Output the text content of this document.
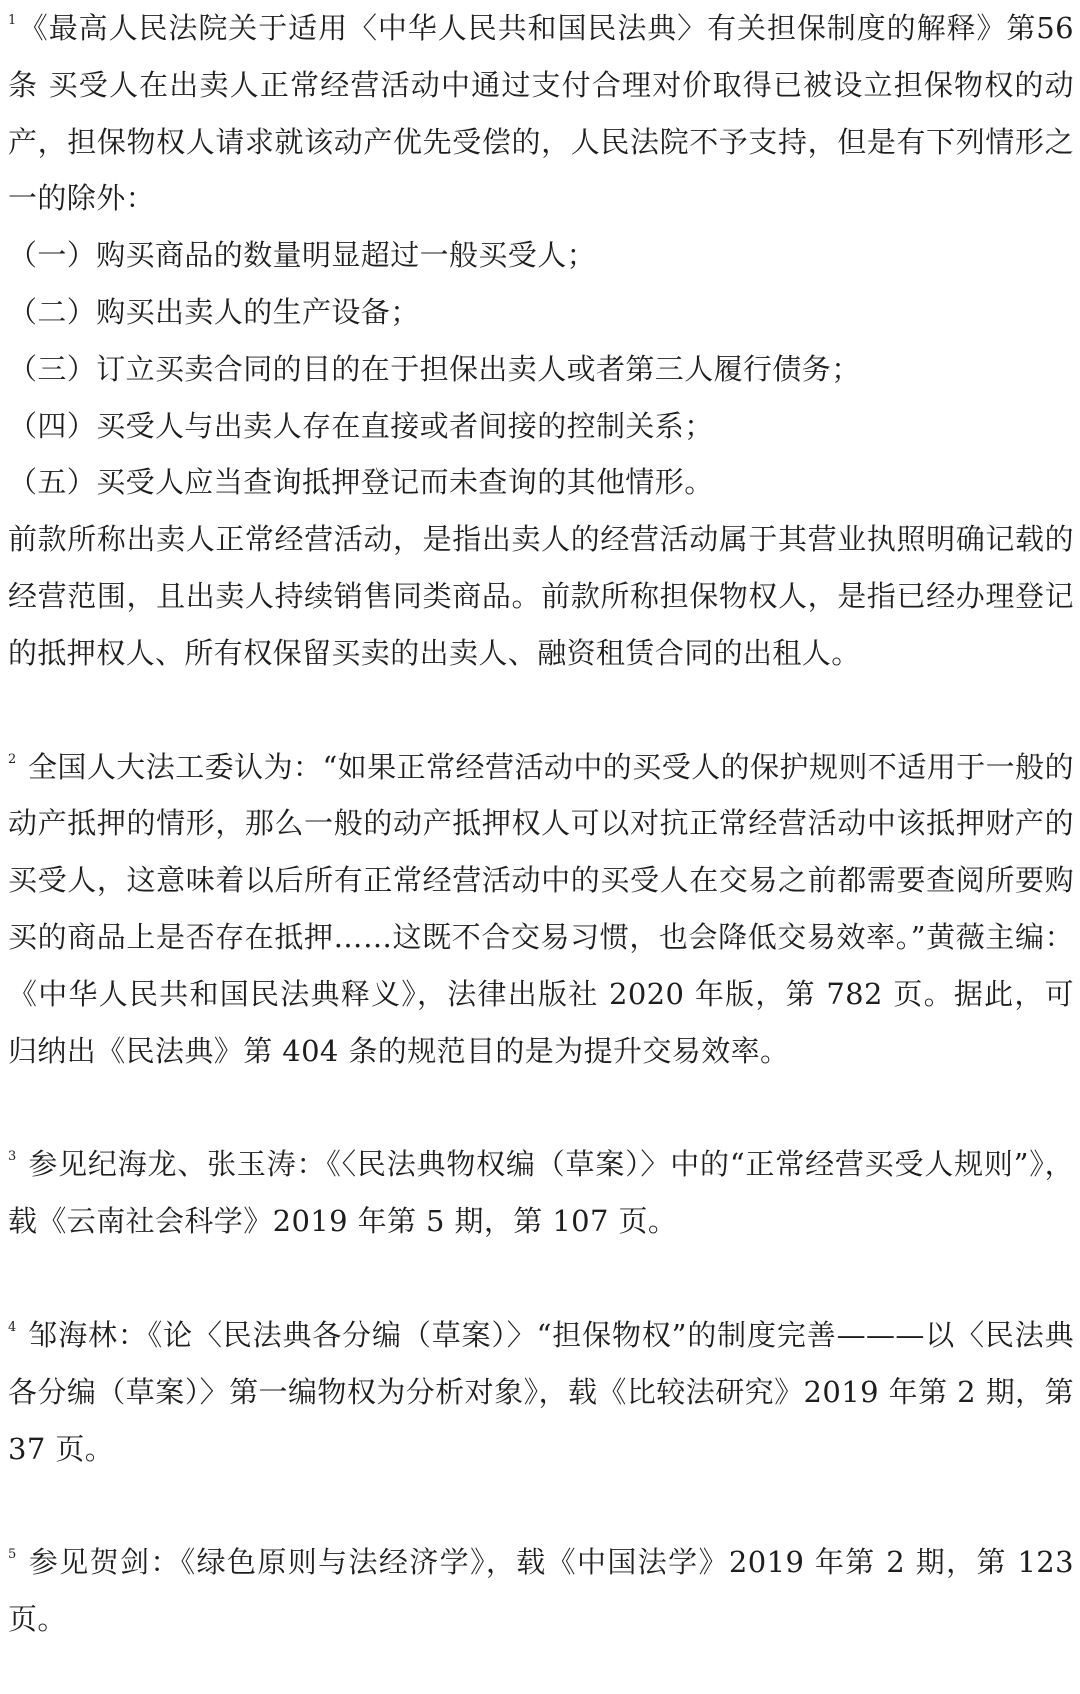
$^1$《最高人民法院关于适用〈中华人民共和国民法典〉有关担保制度的解释》第56条 买受人在出卖人正常经营活动中通过支付合理对价取得已被设立担保物权的动产，担保物权人请求就该动产优先受偿的，人民法院不予支持，但是有下列情形之一的除外：

（一）购买商品的数量明显超过一般买受人；

（二）购买出卖人的生产设备；

（三）订立买卖合同的目的在于担保出卖人或者第三人履行债务；

（四）买受人与出卖人存在直接或者间接的控制关系；

（五）买受人应当查询抵押登记而未查询的其他情形。

前款所称出卖人正常经营活动，是指出卖人的经营活动属于其营业执照明确记载的经营范围，且出卖人持续销售同类商品。前款所称担保物权人，是指已经办理登记的抵押权人、所有权保留买卖的出卖人、融资租赁合同的出租人。

$^2$ 全国人大法工委认为：“如果正常经营活动中的买受人的保护规则不适用于一般的动产抵押的情形，那么一般的动产抵押权人可以对抗正常经营活动中该抵押财产的买受人，这意味着以后所有正常经营活动中的买受人在交易之前都需要查阅所要购买的商品上是否存在抵押……这既不合交易习惯，也会降低交易效率。”黄薇主编：《中华人民共和国民法典释义》，法律出版社 2020 年版，第 782 页。据此，可归纳出《民法典》第 404 条的规范目的是为提升交易效率。

$^3$ 参见纪海龙、张玉涛：《〈民法典物权编（草案）〉中的“正常经营买受人规则”》，载《云南社会科学》2019 年第 5 期，第 107 页。

$^4$ 邹海林：《论〈民法典各分编（草案）〉“担保物权”的制度完善———以〈民法典各分编（草案）〉第一编物权为分析对象》，载《比较法研究》2019 年第 2 期，第 37 页。

$^5$ 参见贺剑：《绿色原则与法经济学》，载《中国法学》2019 年第 2 期，第 123 页。
